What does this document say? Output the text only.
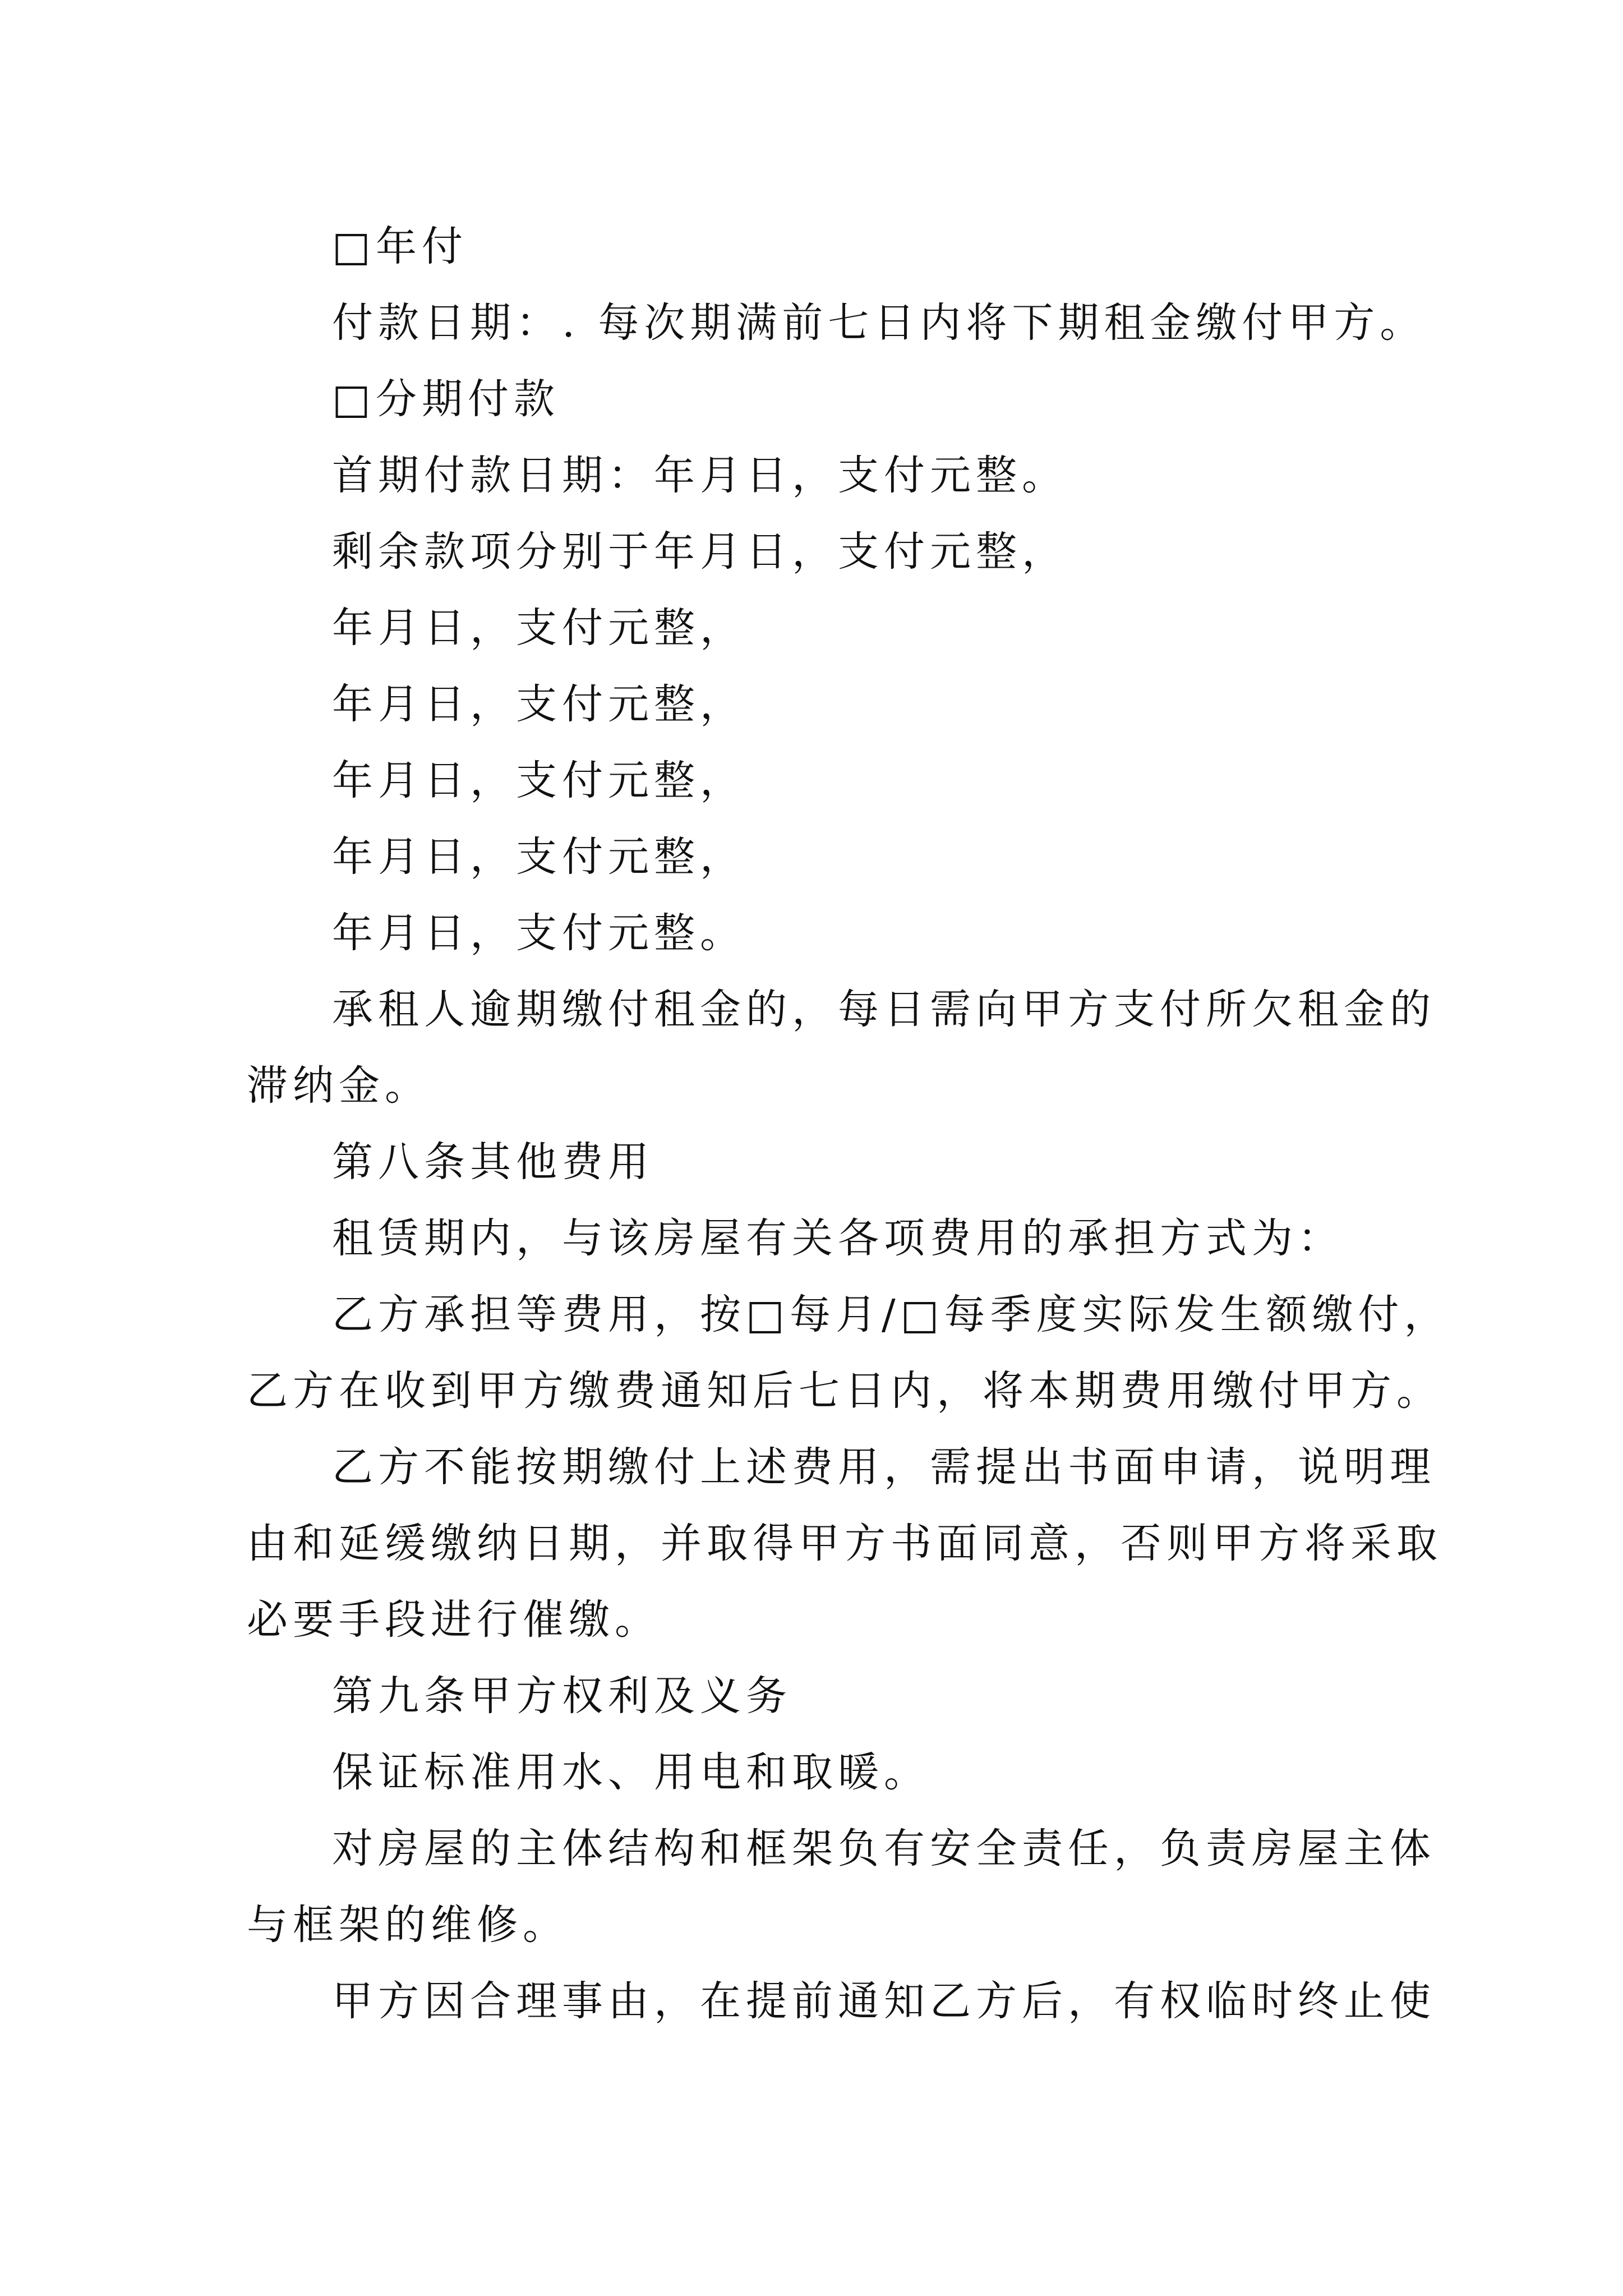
□年付
付款日期：. 每次期满前七日内将下期租金缴付甲方。
□分期付款
首期付款日期：年月日，支付元整。
剩余款项分别于年月日，支付元整，
年月日，支付元整，
年月日，支付元整，
年月日，支付元整，
年月日，支付元整，
年月日，支付元整。
承租人逾期缴付租金的，每日需向甲方支付所欠租金的
滞纳金。
第八条其他费用
租赁期内，与该房屋有关各项费用的承担方式为：
乙方承担等费用，按□每月/□每季度实际发生额缴付，
乙方在收到甲方缴费通知后七日内，将本期费用缴付甲方。
乙方不能按期缴付上述费用，需提出书面申请，说明理
由和延缓缴纳日期，并取得甲方书面同意，否则甲方将采取
必要手段进行催缴。
第九条甲方权利及义务
保证标准用水、用电和取暖。
对房屋的主体结构和框架负有安全责任，负责房屋主体
与框架的维修。
甲方因合理事由，在提前通知乙方后，有权临时终止使
